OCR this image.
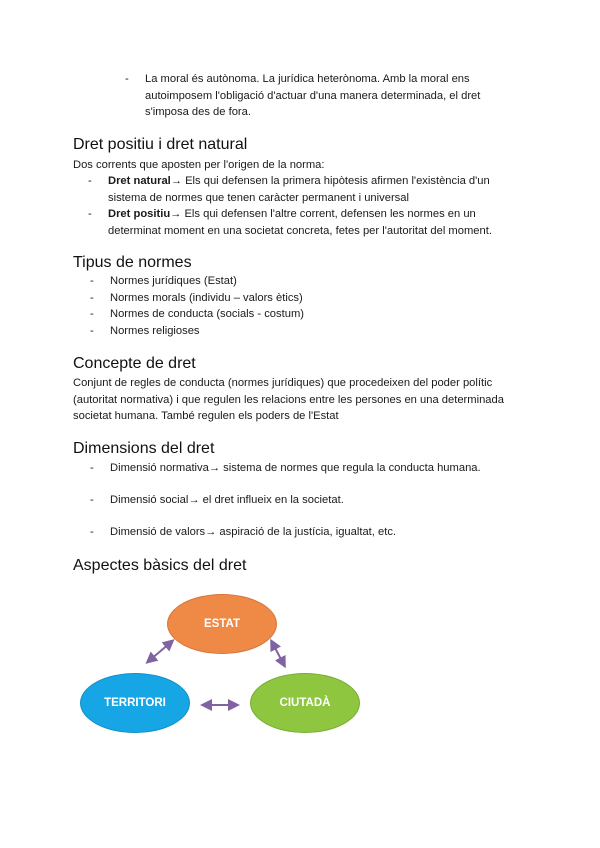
- La moral és autònoma. La jurídica heterònoma. Amb la moral ens autoimposem l'obligació d'actuar d'una manera determinada, el dret s'imposa des de fora.
Dret positiu i dret natural

Dos corrents que aposten per l'origen de la norma:

- Dret natural→ Els qui defensen la primera hipòtesis afirmen l'existència d'un sistema de normes que tenen caràcter permanent i universal
- Dret positiu→ Els qui defensen l'altre corrent, defensen les normes en un determinat moment en una societat concreta, fetes per l'autoritat del moment.
Tipus de normes
- Normes jurídiques (Estat)
- Normes morals (individu – valors ètics)
- Normes de conducta (socials - costum)
- Normes religioses
Concepte de dret

Conjunt de regles de conducta (normes jurídiques) que procedeixen del poder polític (autoritat normativa) i que regulen les relacions entre les persones en una determinada societat humana. També regulen els poders de l'Estat

Dimensions del dret
- Dimensió normativa→ sistema de normes que regula la conducta humana.
- Dimensió social→ el dret influeix en la societat.
- Dimensió de valors→ aspiració de la justícia, igualtat, etc.
Aspectes bàsics del dret
ESTAT
TERRITORI	CIUTADÀ
